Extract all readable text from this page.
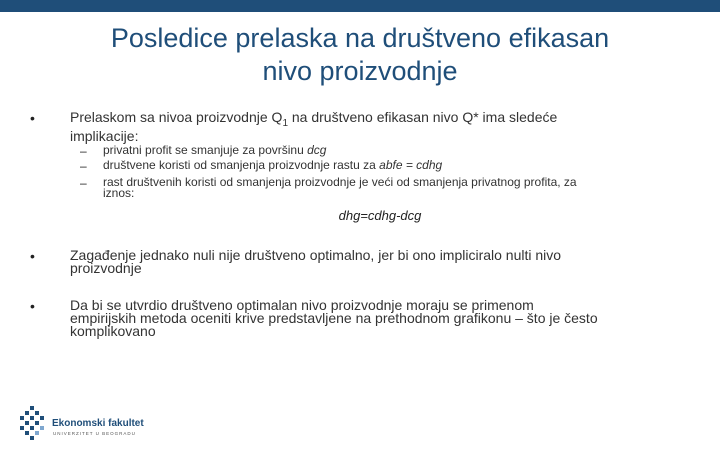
Posledice prelaska na društveno efikasan
nivo proizvodnje
•	Prelaskom sa nivoa proizvodnje $Q_1$ na društveno efikasan nivo Q* ima sledeće
implikacije:
– privatni profit se smanjuje za površinu dcg
– društvene koristi od smanjenja proizvodnje rastu za abfe = cdhg
– rast društvenih koristi od smanjenja proizvodnje je veći od smanjenja privatnog profita, za
iznos:
dhg=cdhg-dcg
•	Zagađenje jednako nuli nije društveno optimalno, jer bi ono impliciralo nulti nivo
proizvodnje
•	Da bi se utvrdio društveno optimalan nivo proizvodnje moraju se primenom
empirijskih metoda oceniti krive predstavljene na prethodnom grafikonu – što je često
komplikovano
Ekonomski fakultet
UNIVERZITET U BEOGRADU
